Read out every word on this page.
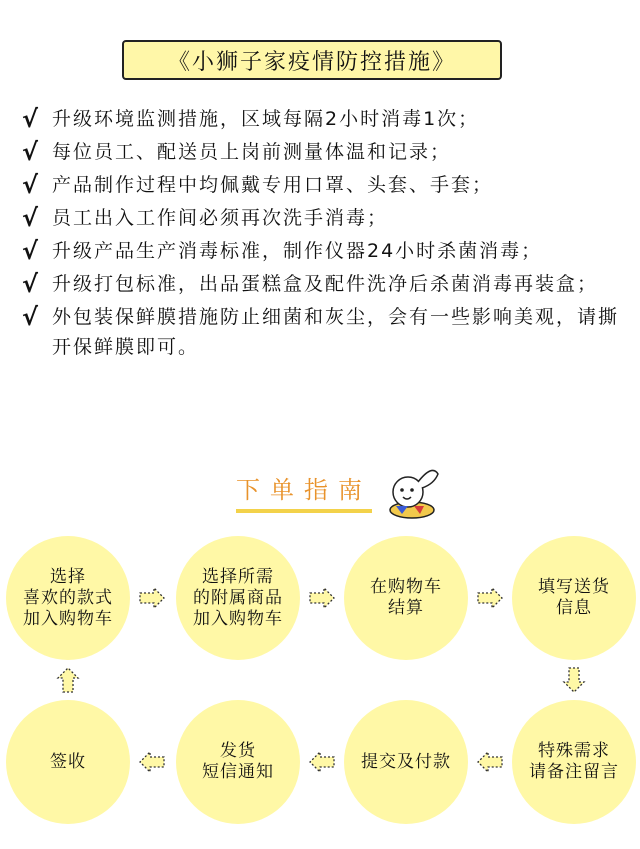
《小狮子家疫情防控措施》
√ 升级环境监测措施，区域每隔2小时消毒1次；
√ 每位员工、配送员上岗前测量体温和记录；
√ 产品制作过程中均佩戴专用口罩、头套、手套；
√ 员工出入工作间必须再次洗手消毒；
√ 升级产品生产消毒标准，制作仪器24小时杀菌消毒；
√ 升级打包标准，出品蛋糕盒及配件洗净后杀菌消毒再装盒；
√ 外包装保鲜膜措施防止细菌和灰尘，会有一些影响美观，请撕开保鲜膜即可。
下单指南
选择
喜欢的款式
加入购物车
选择所需
的附属商品
加入购物车
在购物车
结算
填写送货
信息
特殊需求
请备注留言
提交及付款
发货
短信通知
签收
